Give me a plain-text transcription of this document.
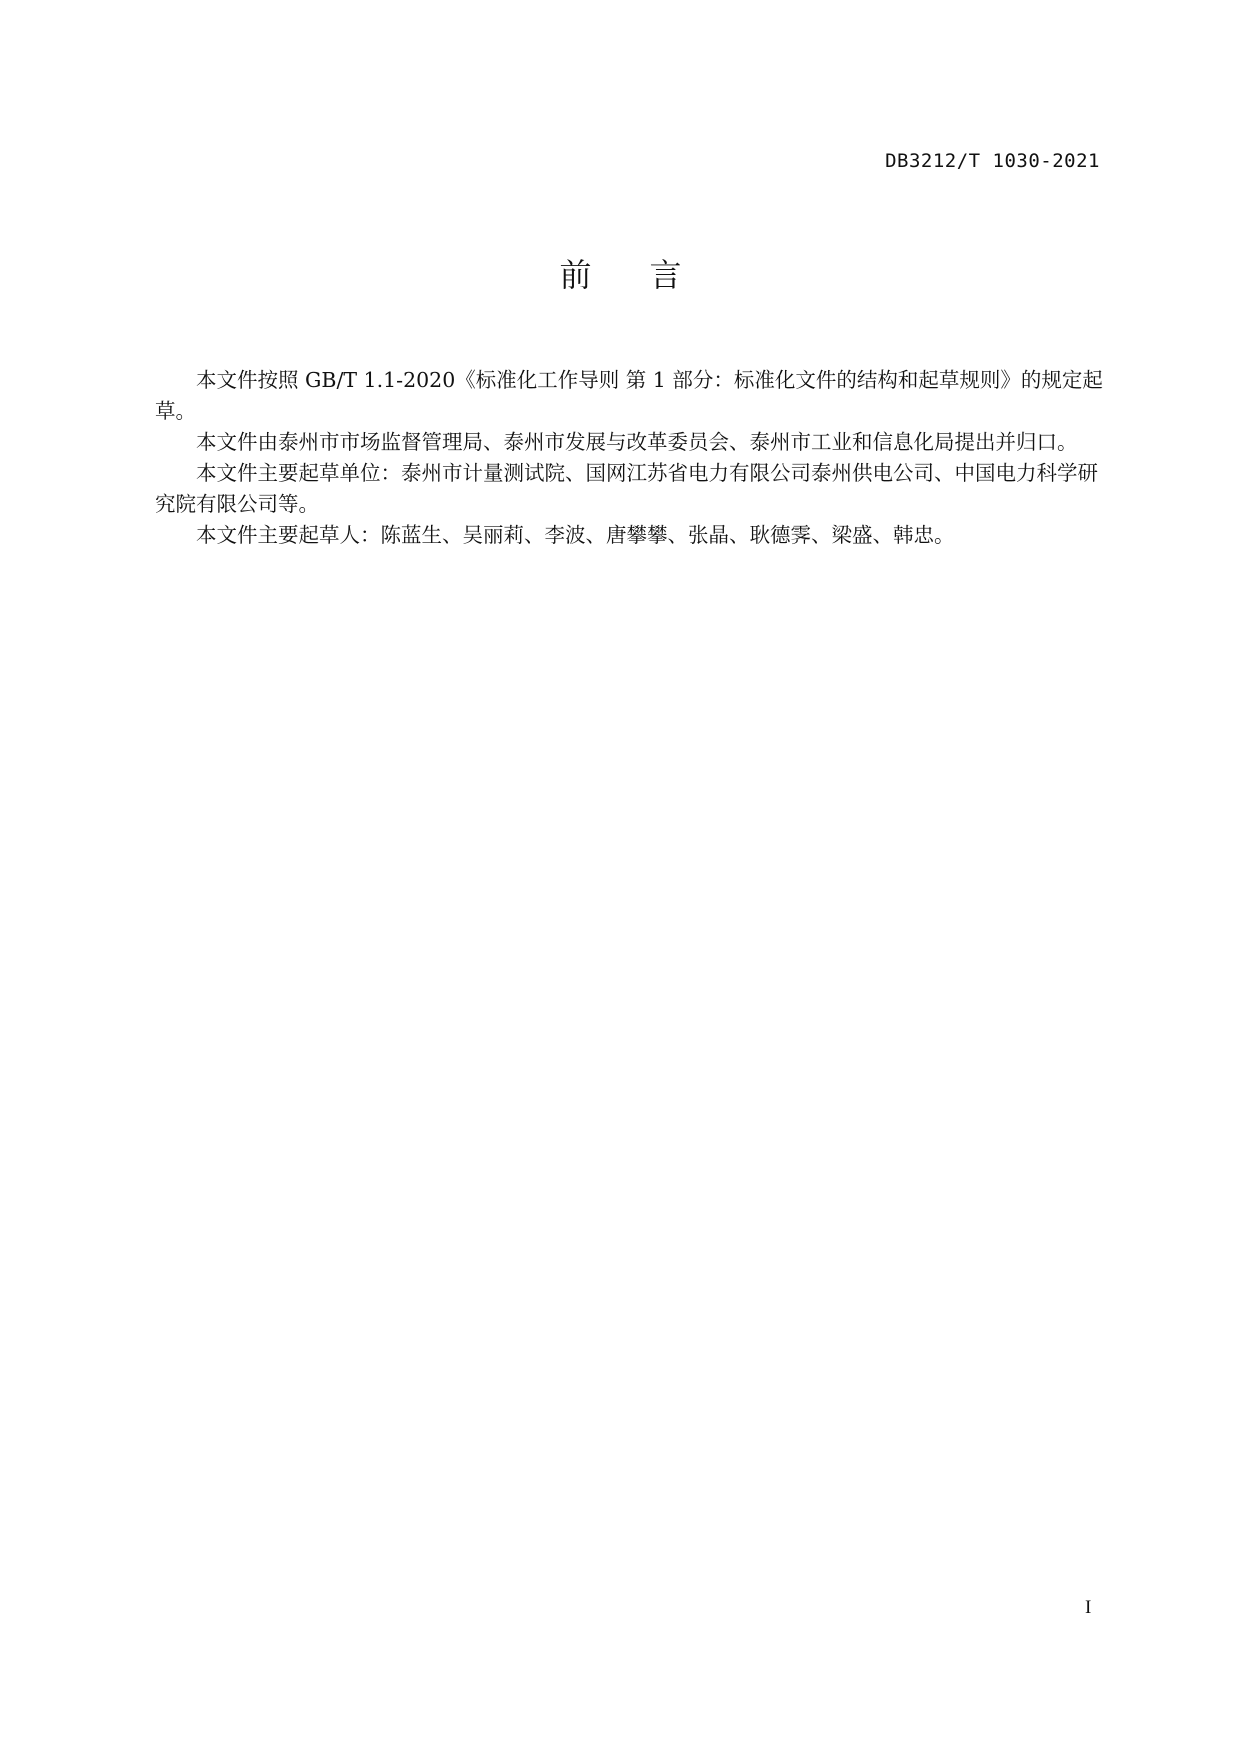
DB3212/T 1030-2021
前言

本文件按照 GB/T 1.1-2020《标准化工作导则 第 1 部分：标准化文件的结构和起草规则》的规定起草。

本文件由泰州市市场监督管理局、泰州市发展与改革委员会、泰州市工业和信息化局提出并归口。

本文件主要起草单位：泰州市计量测试院、国网江苏省电力有限公司泰州供电公司、中国电力科学研究院有限公司等。

本文件主要起草人：陈蓝生、吴丽莉、李波、唐攀攀、张晶、耿德霁、梁盛、韩忠。

I
